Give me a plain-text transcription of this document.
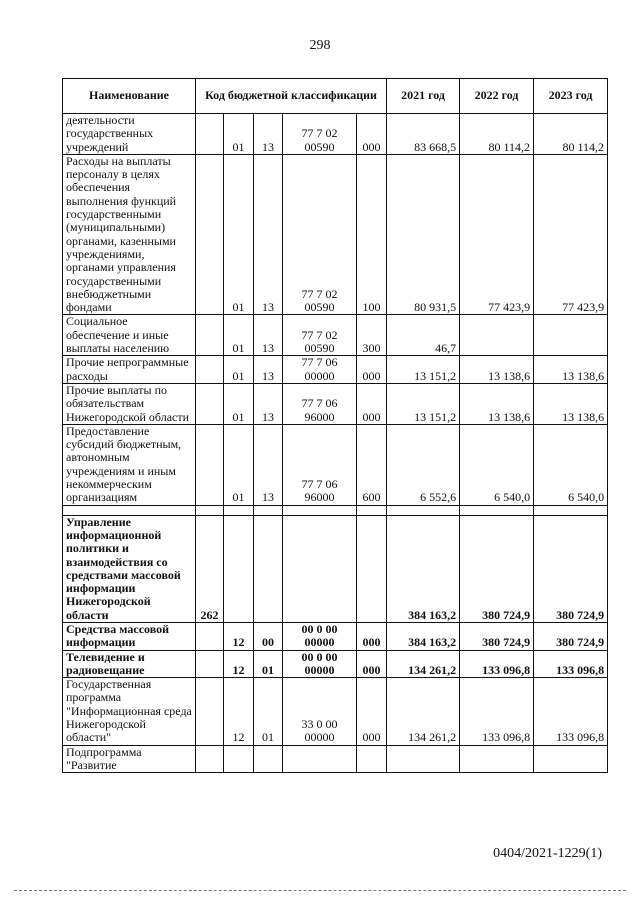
298
Наименование	Код бюджетной классификации					2021 год	2022 год	2023 год
деятельности государственных учреждений		01	13	77 7 02 00590	000	83 668,5	80 114,2	80 114,2
Расходы на выплаты персоналу в целях обеспечения выполнения функций государственными (муниципальными) органами, казенными учреждениями, органами управления государственными внебюджетными фондами		01	13	77 7 02 00590	100	80 931,5	77 423,9	77 423,9
Социальное обеспечение и иные выплаты населению		01	13	77 7 02 00590	300	46,7		
Прочие непрограммные расходы		01	13	77 7 06 00000	000	13 151,2	13 138,6	13 138,6
Прочие выплаты по обязательствам Нижегородской области		01	13	77 7 06 96000	000	13 151,2	13 138,6	13 138,6
Предоставление субсидий бюджетным, автономным учреждениям и иным некоммерческим организациям		01	13	77 7 06 96000	600	6 552,6	6 540,0	6 540,0

Управление информационной политики и взаимодействия со средствами массовой информации Нижегородской области	262					384 163,2	380 724,9	380 724,9
Средства массовой информации		12	00	00 0 00 00000	000	384 163,2	380 724,9	380 724,9
Телевидение и радиовещание		12	01	00 0 00 00000	000	134 261,2	133 096,8	133 096,8
Государственная программа "Информационная среда Нижегородской области"		12	01	33 0 00 00000	000	134 261,2	133 096,8	133 096,8
Подпрограмма "Развитие								
0404/2021-1229(1)
